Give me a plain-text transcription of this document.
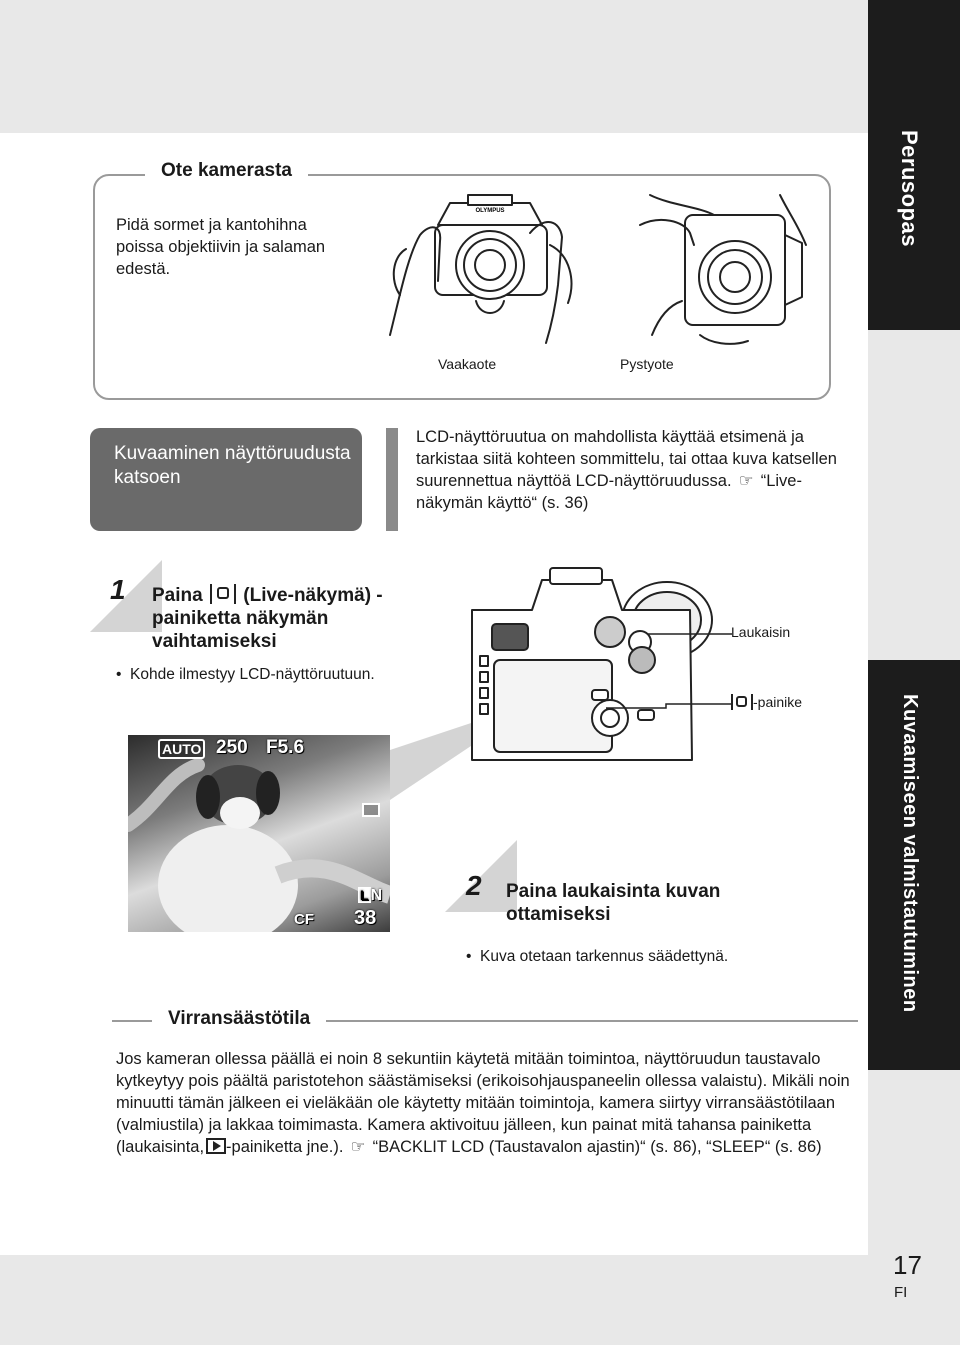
Perusopas
Kuvaamiseen valmistautuminen
17
FI
Ote kamerasta
Pidä sormet ja kantohihna poissa objektiivin ja salaman edestä.
OLYMPUS
Vaakaote	Pystyote
Kuvaaminen näyttöruudusta katsoen
LCD-näyttöruutua on mahdollista käyttää etsimenä ja tarkistaa siitä kohteen sommittelu, tai ottaa kuva katsellen suurennettua näyttöä LCD-näyttöruudussa. ☞ “Live-näkymän käyttö“ (s. 36)
1 Paina (Live-näkymä) -painiketta näkymän vaihtamiseksi
•  Kohde ilmestyy LCD-näyttöruutuun.
AUTO 250 F5.6
L N
CF 38
Laukaisin
-painike
2 Paina laukaisinta kuvan ottamiseksi
•  Kuva otetaan tarkennus säädettynä.
Virransäästötila
Jos kameran ollessa päällä ei noin 8 sekuntiin käytetä mitään toimintoa, näyttöruudun taustavalo kytkeytyy pois päältä paristotehon säästämiseksi (erikoisohjauspaneelin ollessa valaistu). Mikäli noin minuutti tämän jälkeen ei vieläkään ole käytetty mitään toimintoja, kamera siirtyy virransäästötilaan (valmiustila) ja lakkaa toimimasta. Kamera aktivoituu jälleen, kun painat mitä tahansa painiketta (laukaisinta, -painiketta jne.). ☞ “BACKLIT LCD (Taustavalon ajastin)“ (s. 86), “SLEEP“ (s. 86)
